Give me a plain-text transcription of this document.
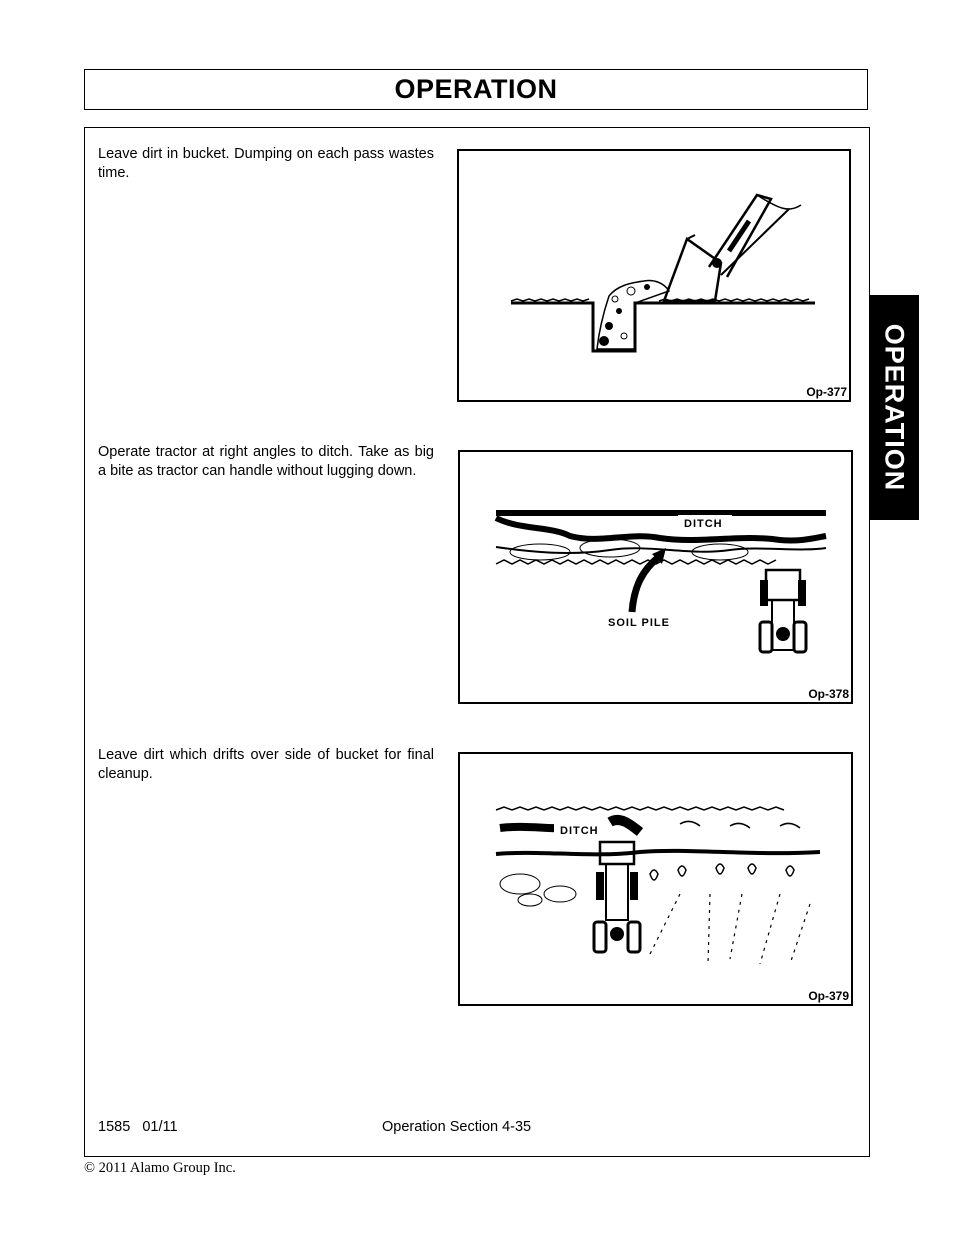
OPERATION
OPERATION
Leave dirt in bucket. Dumping on each pass wastes time.
Op-377
Operate tractor at right angles to ditch. Take as big a bite as tractor can handle without lugging down.
DITCH
SOIL PILE
Op-378
Leave dirt which drifts over side of bucket for final cleanup.
DITCH
Op-379
1585   01/11	Operation Section 4-35
© 2011 Alamo Group Inc.
